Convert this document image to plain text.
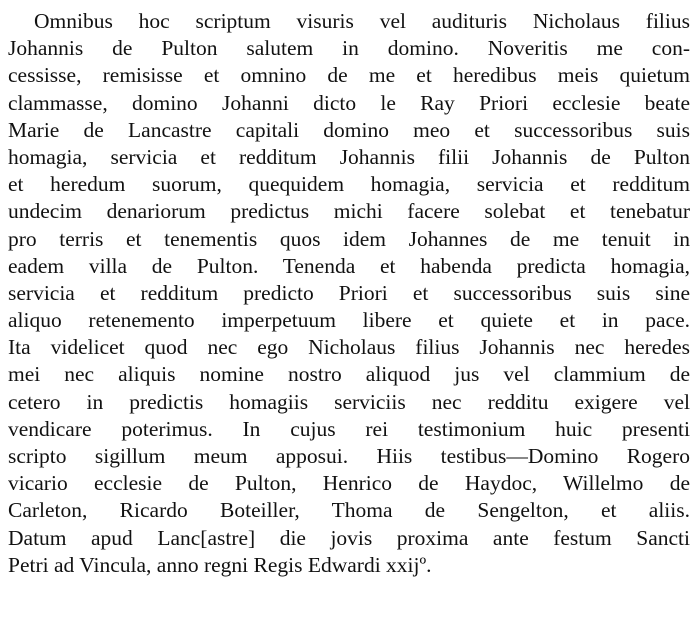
Omnibus hoc scriptum visuris vel audituris Nicholaus filius
Johannis de Pulton salutem in domino. Noveritis me con-
cessisse, remisisse et omnino de me et heredibus meis quietum
clammasse, domino Johanni dicto le Ray Priori ecclesie beate
Marie de Lancastre capitali domino meo et successoribus suis
homagia, servicia et redditum Johannis filii Johannis de Pulton
et heredum suorum, quequidem homagia, servicia et redditum
undecim denariorum predictus michi facere solebat et tenebatur
pro terris et tenementis quos idem Johannes de me tenuit in
eadem villa de Pulton. Tenenda et habenda predicta homagia,
servicia et redditum predicto Priori et successoribus suis sine
aliquo retenemento imperpetuum libere et quiete et in pace.
Ita videlicet quod nec ego Nicholaus filius Johannis nec heredes
mei nec aliquis nomine nostro aliquod jus vel clammium de
cetero in predictis homagiis serviciis nec redditu exigere vel
vendicare poterimus. In cujus rei testimonium huic presenti
scripto sigillum meum apposui. Hiis testibus—Domino Rogero
vicario ecclesie de Pulton, Henrico de Haydoc, Willelmo de
Carleton, Ricardo Boteiller, Thoma de Sengelton, et aliis.
Datum apud Lanc[astre] die jovis proxima ante festum Sancti
Petri ad Vincula, anno regni Regis Edwardi xxijº.
